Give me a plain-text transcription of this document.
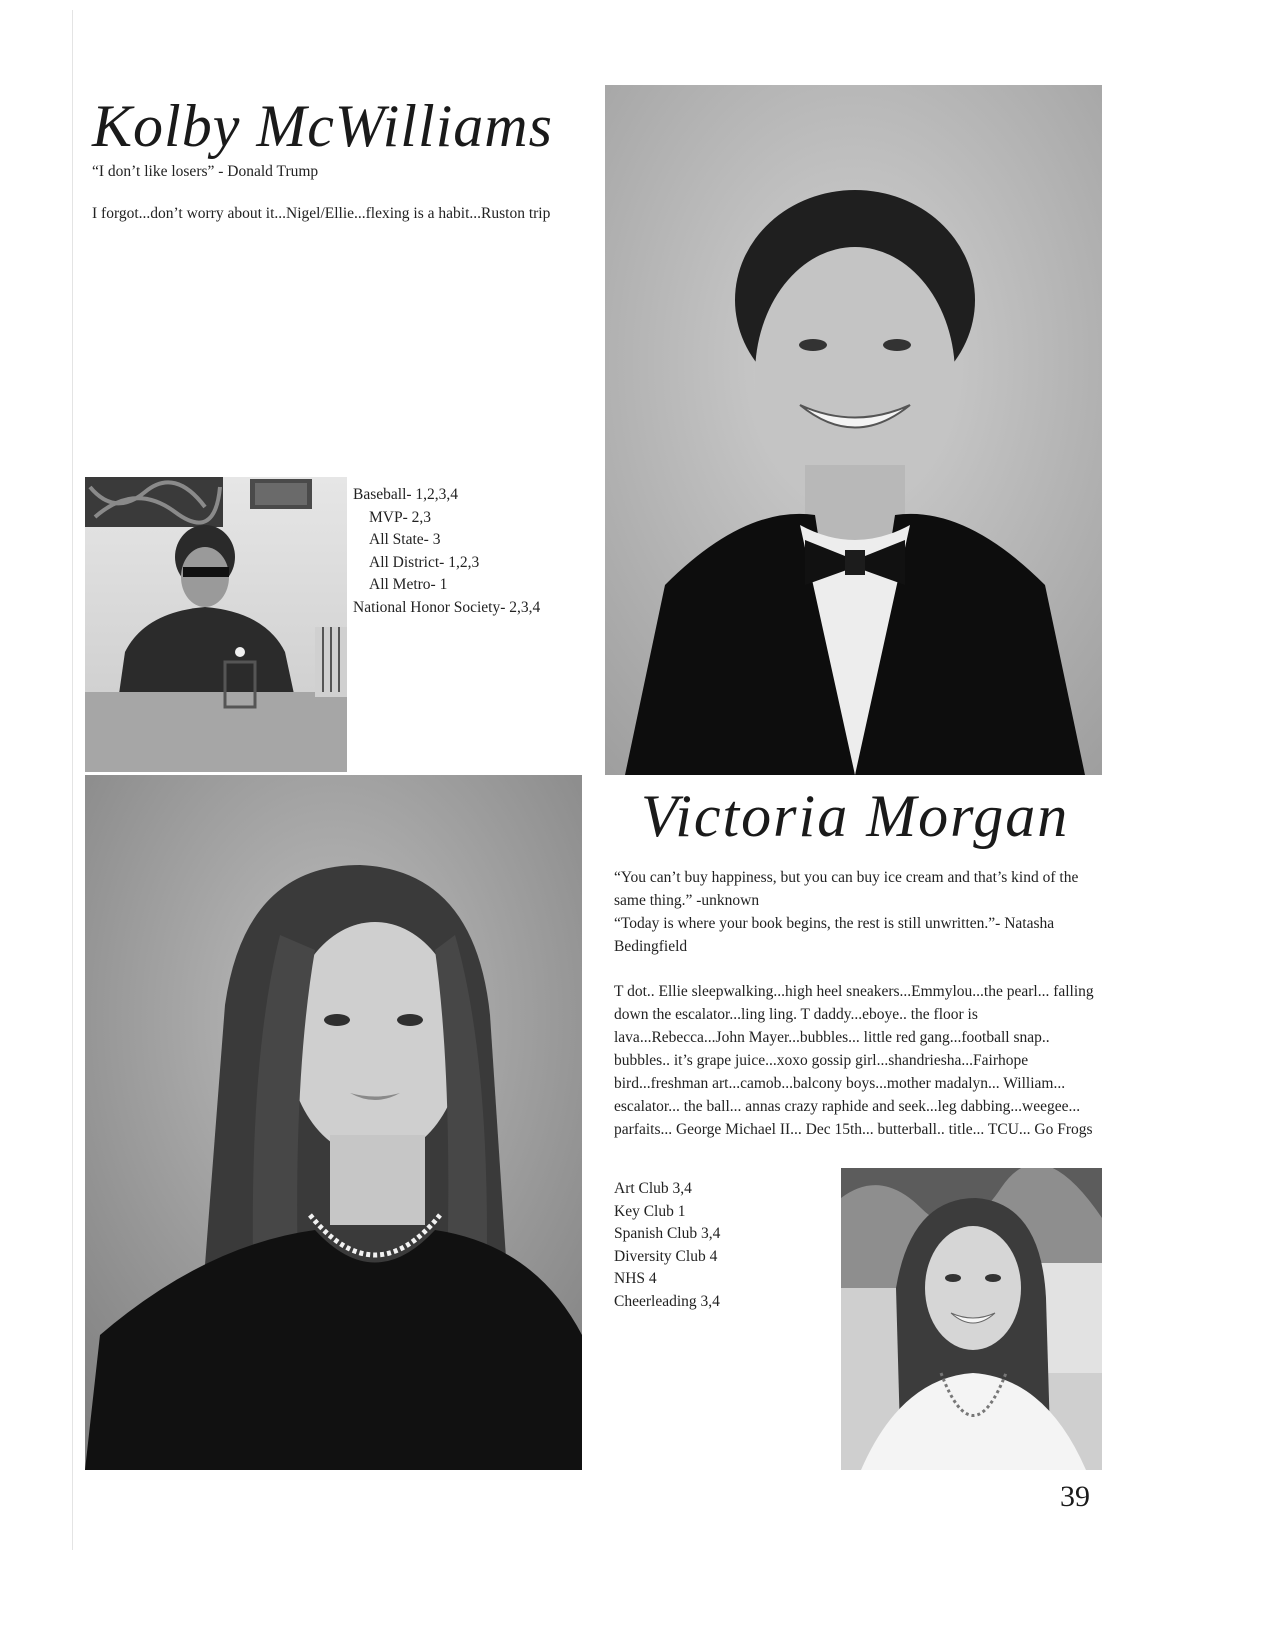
Kolby McWilliams
“I don’t like losers” - Donald Trump
I forgot...don’t worry about it...Nigel/Ellie...flexing is a habit...Ruston trip
Baseball- 1,2,3,4
MVP- 2,3
All State- 3
All District- 1,2,3
All Metro- 1
National Honor Society- 2,3,4
Victoria Morgan
“You can’t buy happiness, but you can buy ice cream and that’s kind of the same thing.” -unknown
“Today is where your book begins, the rest is still unwritten.”- Natasha Bedingfield
T dot.. Ellie sleepwalking...high heel sneakers...Emmylou...the pearl... falling down the escalator...ling ling. T daddy...eboye.. the floor is lava...Rebecca...John Mayer...bubbles... little red gang...football snap.. bubbles.. it’s grape juice...xoxo gossip girl...shandriesha...Fairhope bird...freshman art...camob...balcony boys...mother madalyn... William... escalator... the ball... annas crazy raphide and seek...leg dabbing...weegee... parfaits... George Michael II... Dec 15th... butterball.. title... TCU... Go Frogs
Art Club 3,4
Key Club 1
Spanish Club 3,4
Diversity Club 4
NHS 4
Cheerleading 3,4
39
